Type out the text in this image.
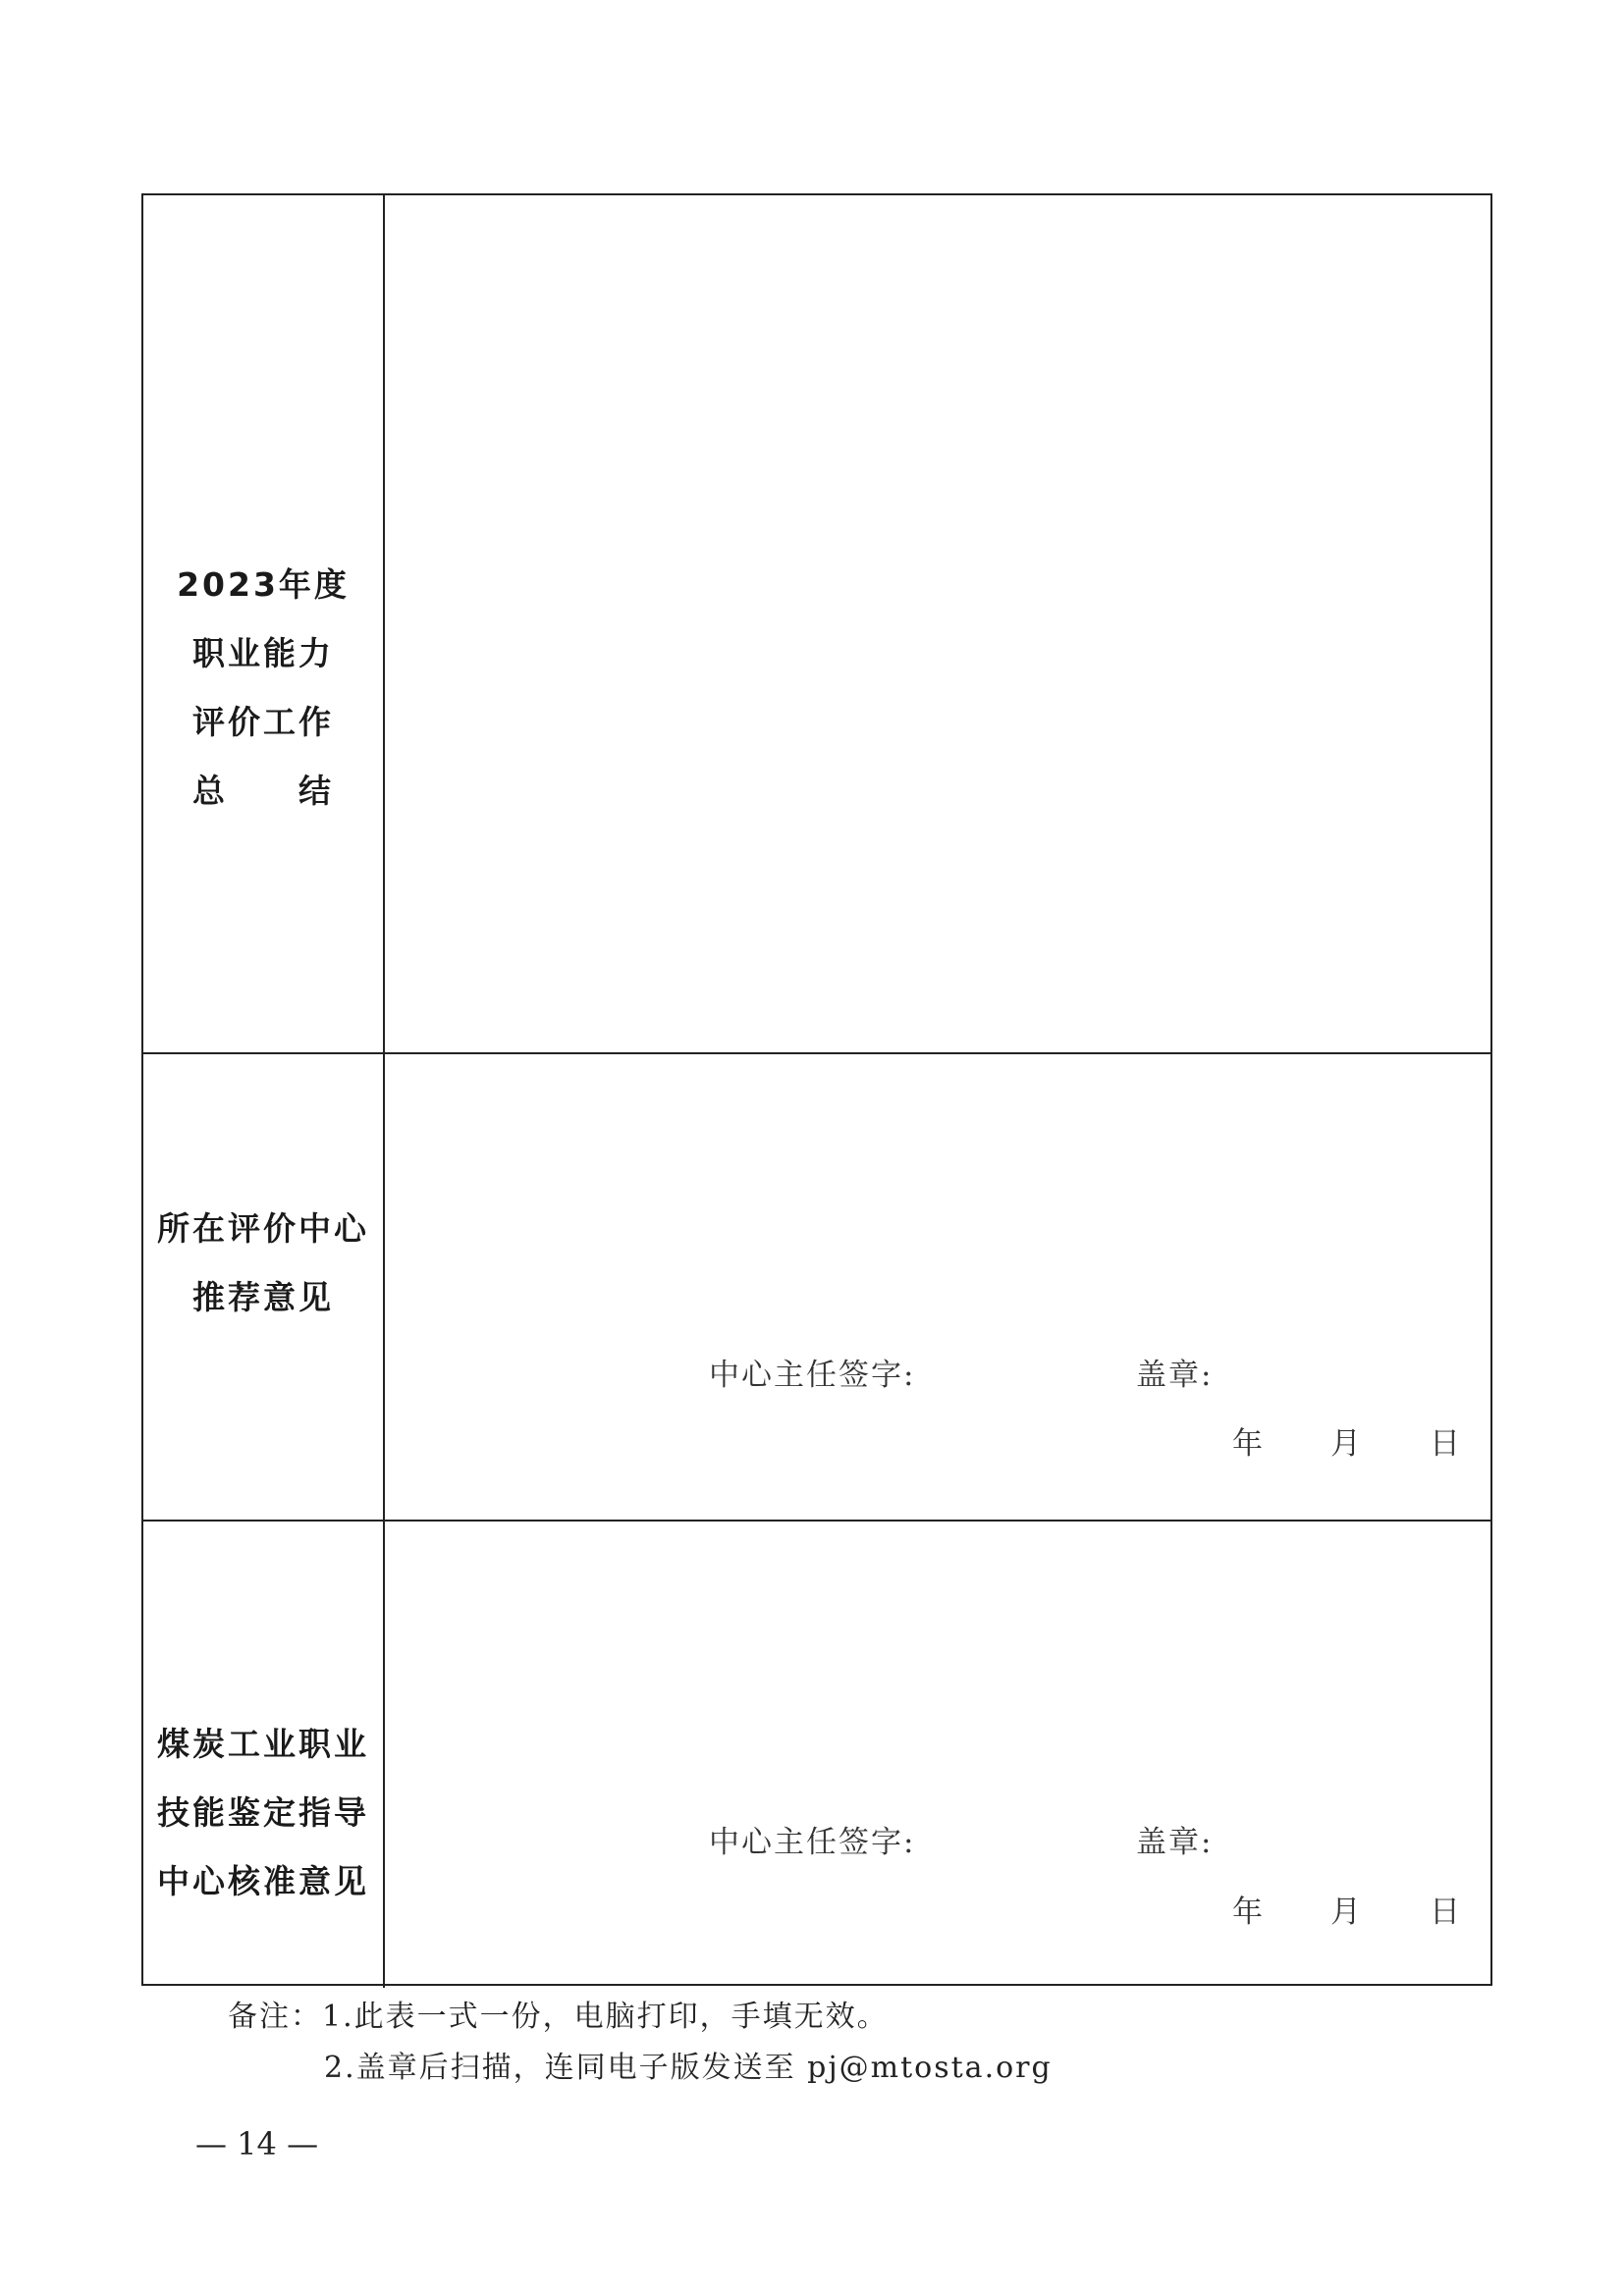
2023年度
职业能力
评价工作
总　　结
所在评价中心
推荐意见
中心主任签字:	盖章:
年 月 日
煤炭工业职业
技能鉴定指导
中心核准意见
中心主任签字:	盖章:
年 月 日
备注：1.此表一式一份，电脑打印，手填无效。
2.盖章后扫描，连同电子版发送至 pj@mtosta.org
— 14 —
